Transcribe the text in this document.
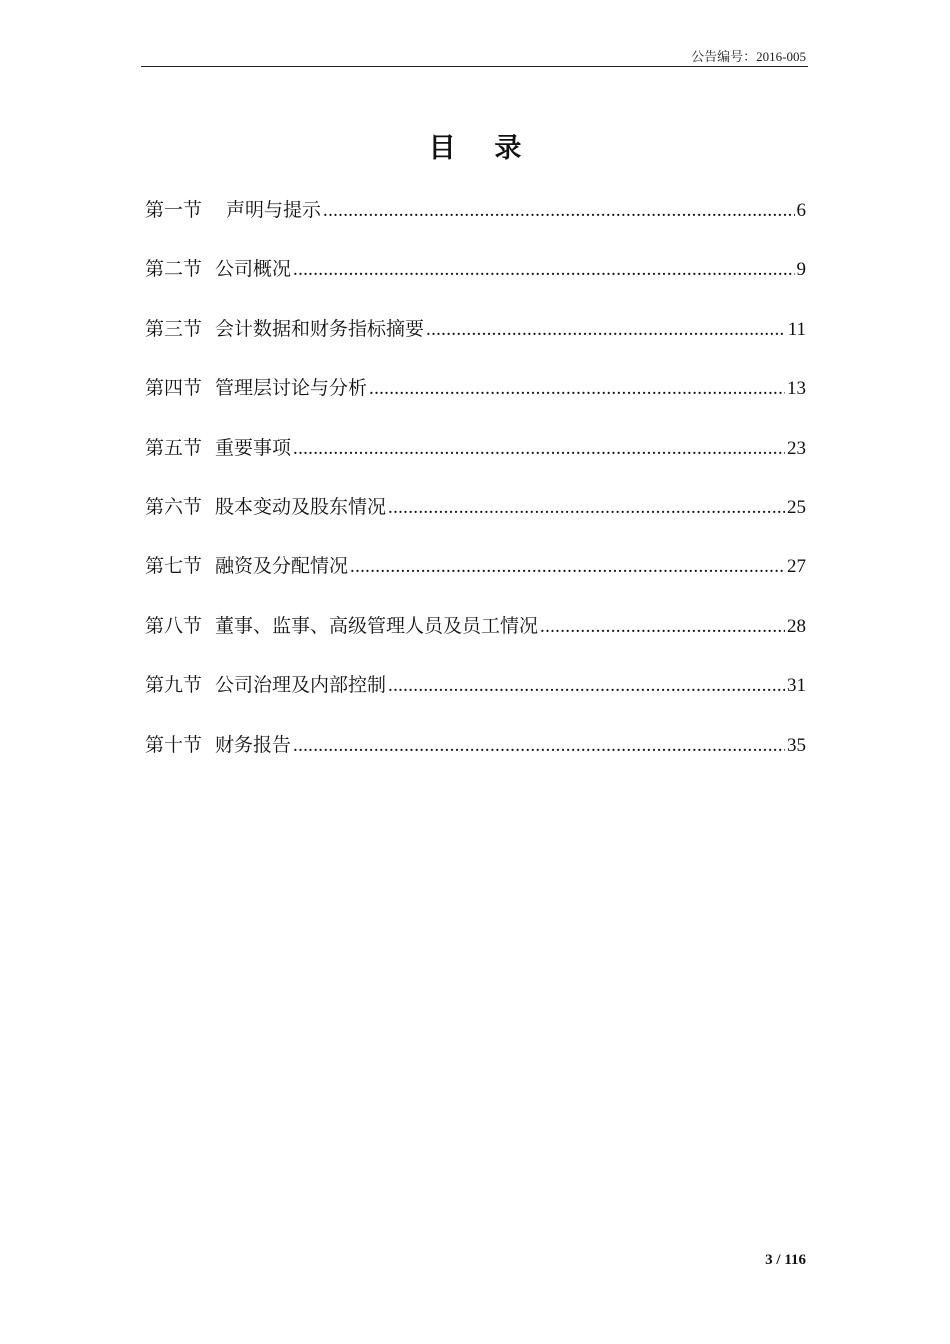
公告编号：2016-005
目 录
第一节	声明与提示 .....	6
第二节 公司概况 .....	9
第三节 会计数据和财务指标摘要 .....	11
第四节 管理层讨论与分析 .....	13
第五节 重要事项 .....	23
第六节 股本变动及股东情况 .....	25
第七节 融资及分配情况 .....	27
第八节 董事、监事、高级管理人员及员工情况 .....	28
第九节 公司治理及内部控制 .....	31
第十节 财务报告 .....	35
3 / 116
